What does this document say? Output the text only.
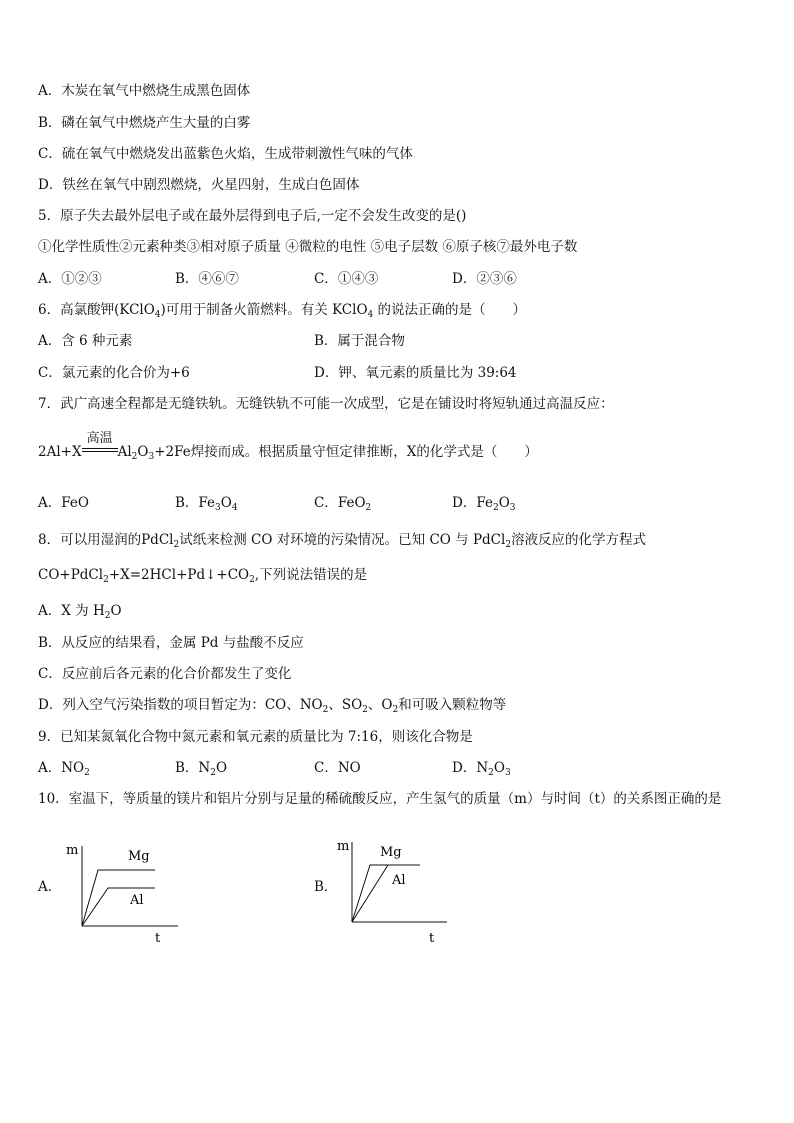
A．木炭在氧气中燃烧生成黑色固体
B．磷在氧气中燃烧产生大量的白雾
C．硫在氧气中燃烧发出蓝紫色火焰，生成带刺激性气味的气体
D．铁丝在氧气中剧烈燃烧，火星四射，生成白色固体
5．原子失去最外层电子或在最外层得到电子后,一定不会发生改变的是()
①化学性质性②元素种类③相对原子质量 ④微粒的电性 ⑤电子层数 ⑥原子核⑦最外电子数
A．①②③	B．④⑥⑦	C．①④③	D．②③⑥
6．高氯酸钾(KClO$_4$)可用于制备火箭燃料。有关 KClO$_4$ 的说法正确的是（　　）
A．含 6 种元素	B．属于混合物
C．氯元素的化合价为+6	D．钾、氧元素的质量比为 39:64
7．武广高速全程都是无缝铁轨。无缝铁轨不可能一次成型，它是在铺设时将短轨通过高温反应：
2Al+X
高温
$Al_2O_3+2Fe$焊接而成。根据质量守恒定律推断，X的化学式是（　　）
A．FeO	B．$Fe_3O_4$	C．FeO$_2$	D．$Fe_2O_3$
8．可以用湿润的PdCl$_2$试纸来检测 CO 对环境的污染情况。已知 CO 与 PdCl$_2$溶液反应的化学方程式
$CO+PdCl_2+X=2HCl+Pd↓+CO_2$,下列说法错误的是
A．X 为 $H_2O$
B．从反应的结果看，金属 Pd 与盐酸不反应
C．反应前后各元素的化合价都发生了变化
D．列入空气污染指数的项目暂定为：CO、$NO_2$、$SO_2$、$O_2$和可吸入颗粒物等
9．已知某氮氧化合物中氮元素和氧元素的质量比为 7:16，则该化合物是
A．$NO_2$	B．$N_2O$	C．NO	D．$N_2O_3$
10．室温下，等质量的镁片和铝片分别与足量的稀硫酸反应，产生氢气的质量（m）与时间（t）的关系图正确的是
A．
m
t
Mg
Al
B．
m
t
Mg
Al
